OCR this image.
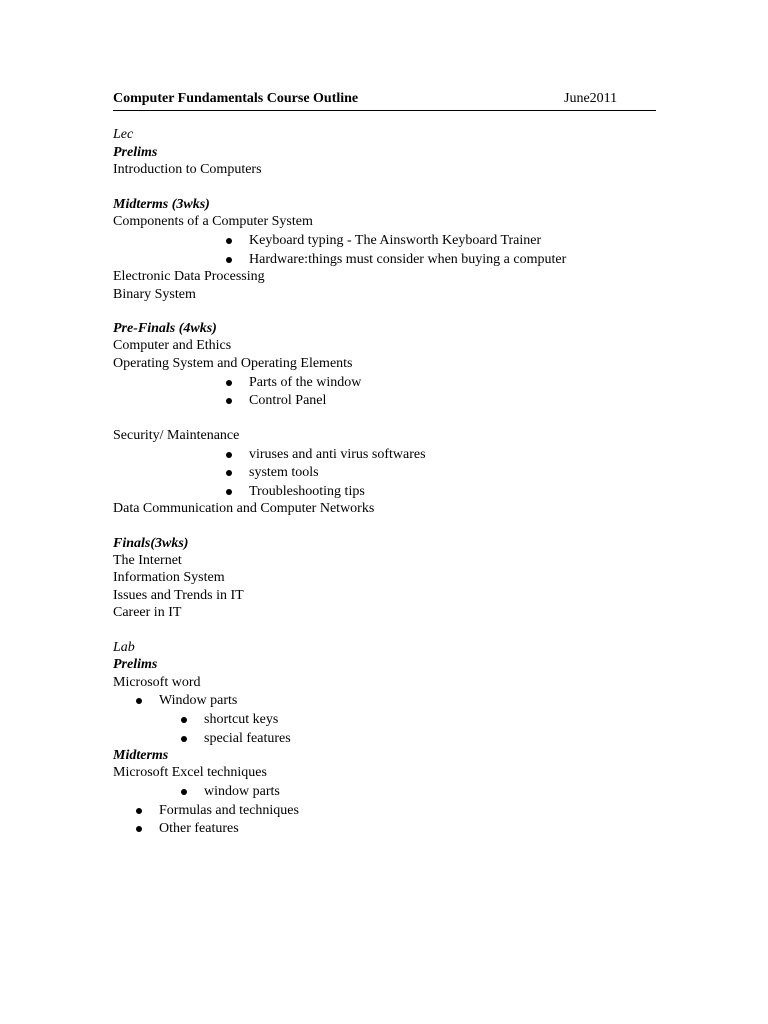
Computer Fundamentals Course Outline	June2011
Lec
Prelims
Introduction to Computers
Midterms (3wks)
Components of a Computer System
Keyboard typing - The Ainsworth Keyboard Trainer
Hardware:things must consider when buying a computer
Electronic Data Processing
Binary System
Pre-Finals (4wks)
Computer and Ethics
Operating System and Operating Elements
Parts of the window
Control Panel
Security/ Maintenance
viruses and anti virus softwares
system tools
Troubleshooting tips
Data Communication and Computer Networks
Finals(3wks)
The Internet
Information System
Issues and Trends in IT
Career in IT
Lab
Prelims
Microsoft word
Window parts
shortcut keys
special features
Midterms
Microsoft Excel techniques
window parts
Formulas and techniques
Other features
